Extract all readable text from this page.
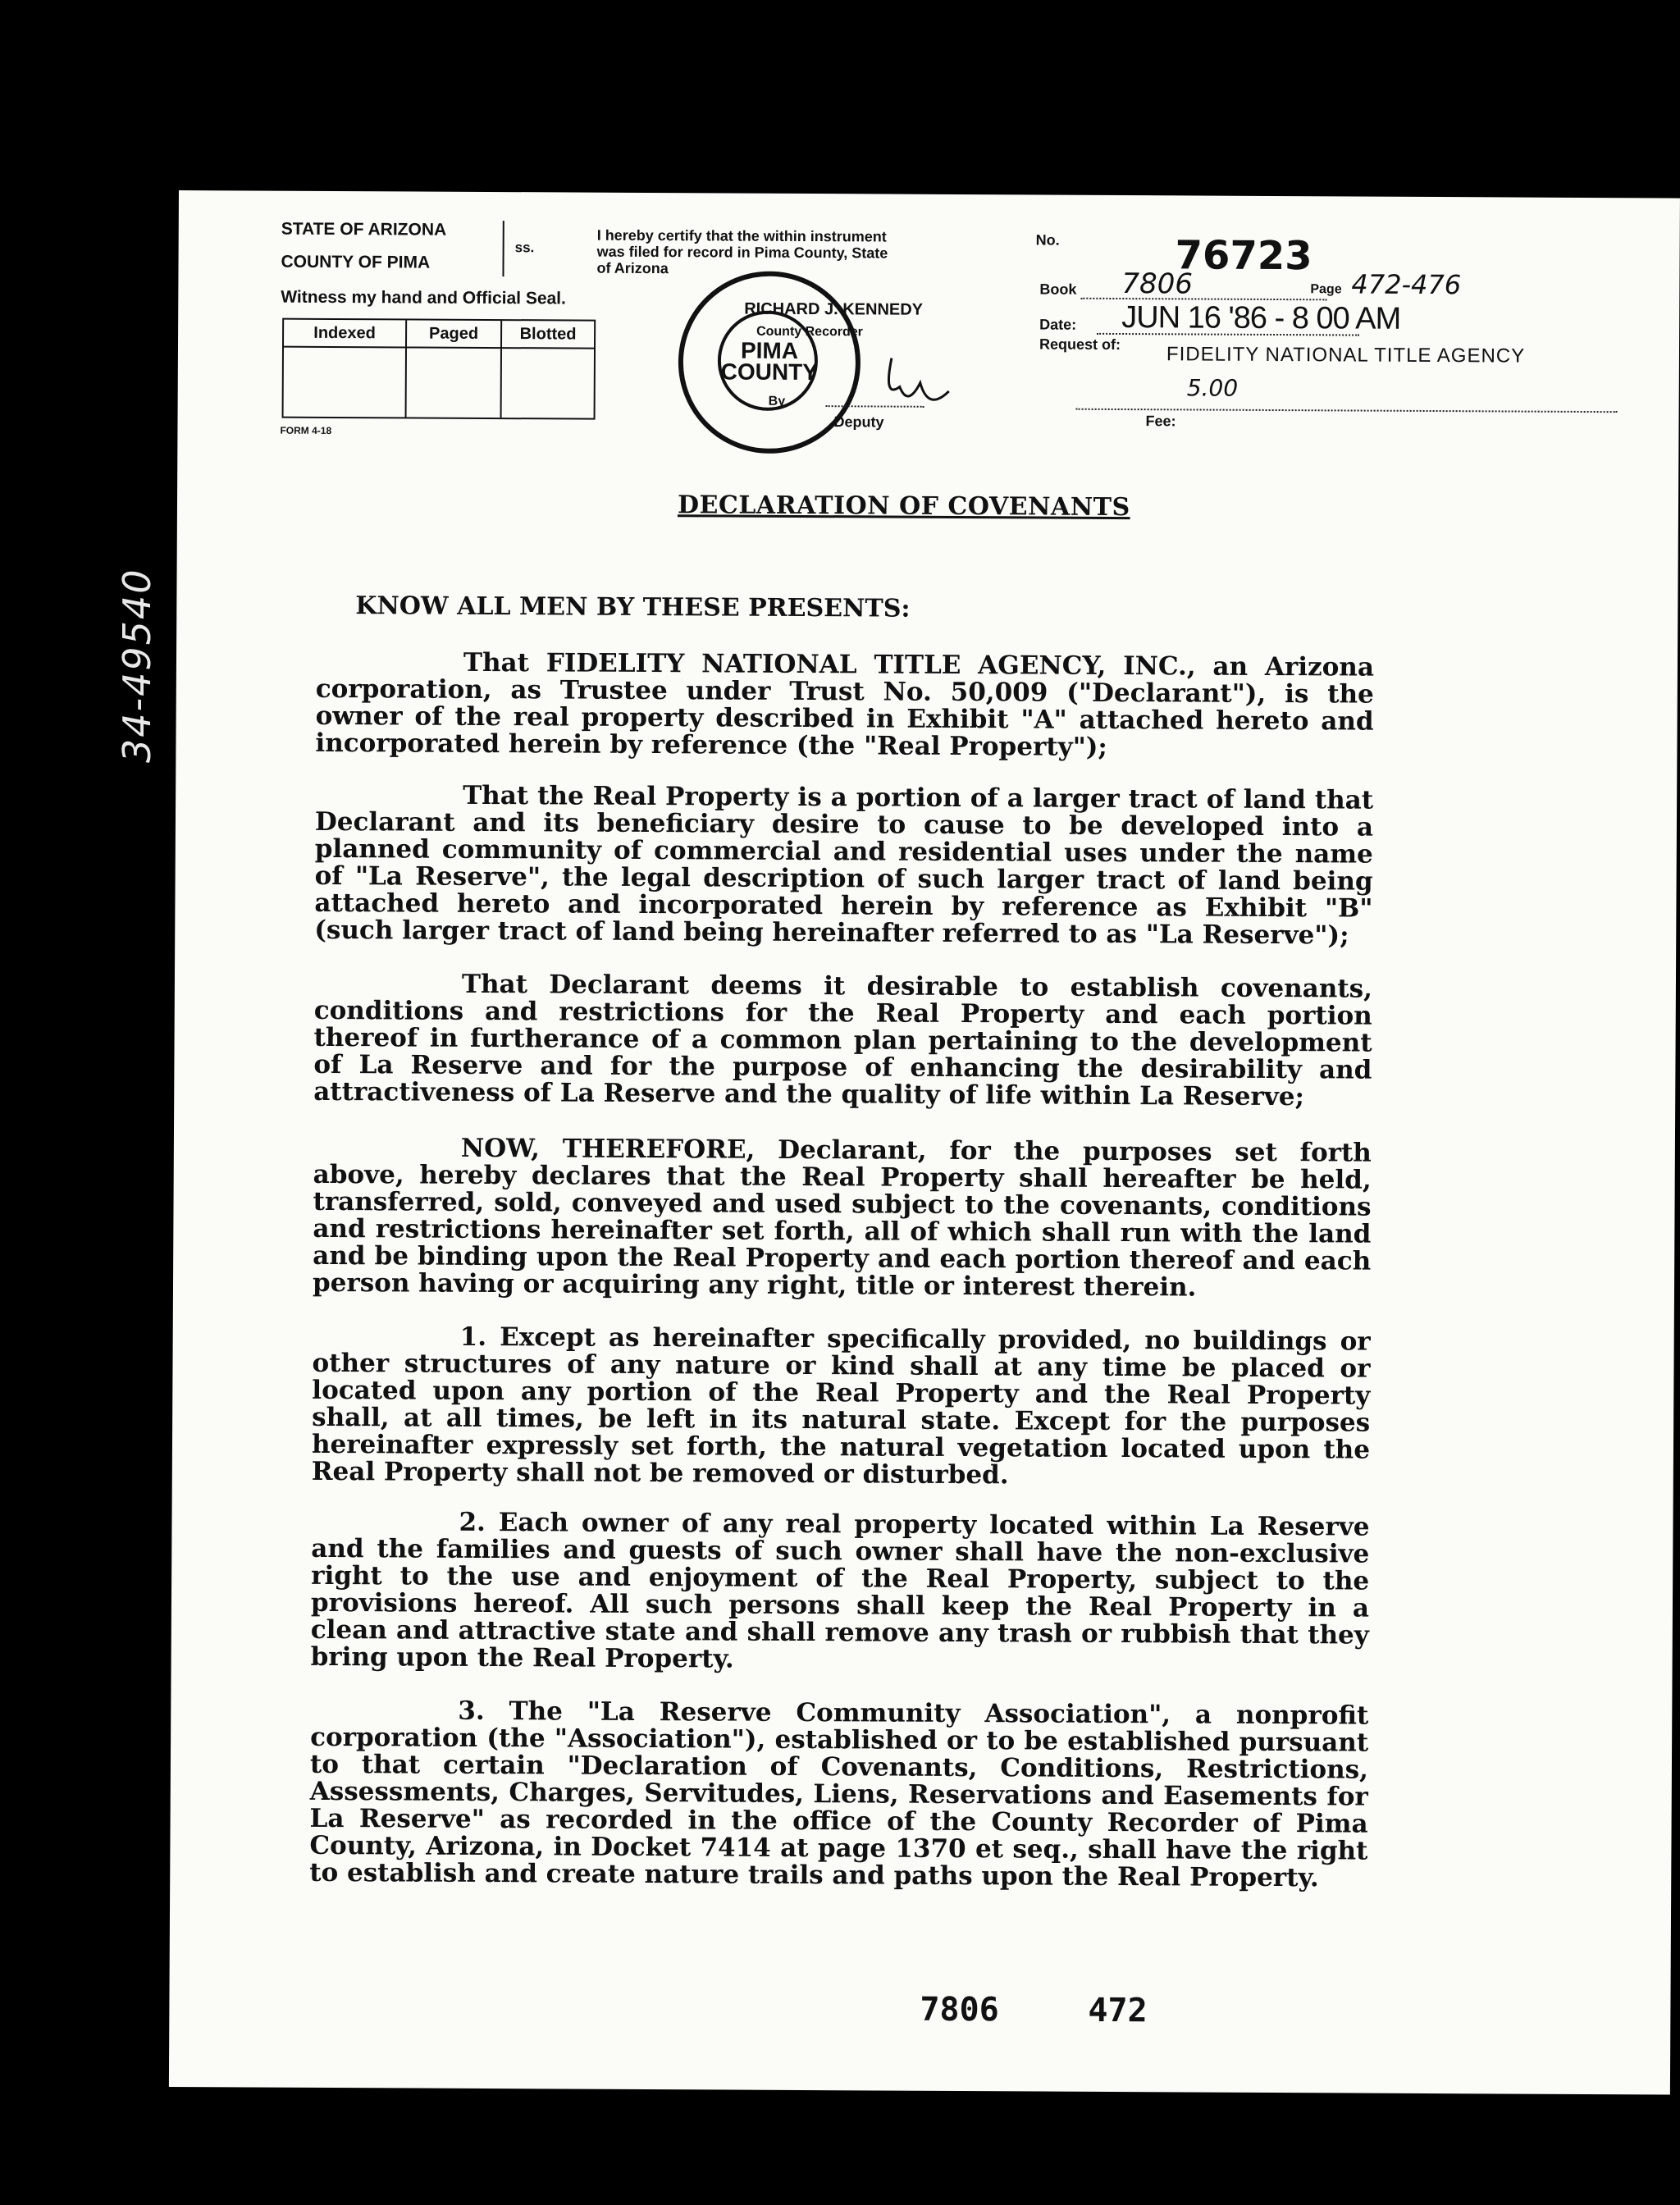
34-49540
STATE OF ARIZONA
COUNTY OF PIMA
ss.
Witness my hand and Official Seal.
Indexed	Paged	Blotted
FORM 4-18
I hereby certify that the within instrument was filed for record in Pima County, State of Arizona
PIMA
COUNTY
RICHARD J. KENNEDY
County Recorder
By
Deputy
No.	76723
Book 7806	Page 472-476
Date: JUN 16 '86 - 8 00 AM
Request of: FIDELITY NATIONAL TITLE AGENCY
5.00
Fee:
DECLARATION OF COVENANTS
KNOW ALL MEN BY THESE PRESENTS:

That FIDELITY NATIONAL TITLE AGENCY, INC., an Arizona corporation, as Trustee under Trust No. 50,009 ("Declarant"), is the owner of the real property described in Exhibit "A" attached hereto and incorporated herein by reference (the "Real Property");

That the Real Property is a portion of a larger tract of land that Declarant and its beneficiary desire to cause to be developed into a planned community of commercial and residential uses under the name of "La Reserve", the legal description of such larger tract of land being attached hereto and incorporated herein by reference as Exhibit "B" (such larger tract of land being hereinafter referred to as "La Reserve");

That Declarant deems it desirable to establish covenants, conditions and restrictions for the Real Property and each portion thereof in furtherance of a common plan pertaining to the development of La Reserve and for the purpose of enhancing the desirability and attractiveness of La Reserve and the quality of life within La Reserve;

NOW, THEREFORE, Declarant, for the purposes set forth above, hereby declares that the Real Property shall hereafter be held, transferred, sold, conveyed and used subject to the covenants, conditions and restrictions hereinafter set forth, all of which shall run with the land and be binding upon the Real Property and each portion thereof and each person having or acquiring any right, title or interest therein.

1. Except as hereinafter specifically provided, no buildings or other structures of any nature or kind shall at any time be placed or located upon any portion of the Real Property and the Real Property shall, at all times, be left in its natural state. Except for the purposes hereinafter expressly set forth, the natural vegetation located upon the Real Property shall not be removed or disturbed.

2. Each owner of any real property located within La Reserve and the families and guests of such owner shall have the non-exclusive right to the use and enjoyment of the Real Property, subject to the provisions hereof. All such persons shall keep the Real Property in a clean and attractive state and shall remove any trash or rubbish that they bring upon the Real Property.

3. The "La Reserve Community Association", a nonprofit corporation (the "Association"), established or to be established pursuant to that certain "Declaration of Covenants, Conditions, Restrictions, Assessments, Charges, Servitudes, Liens, Reservations and Easements for La Reserve" as recorded in the office of the County Recorder of Pima County, Arizona, in Docket 7414 at page 1370 et seq., shall have the right to establish and create nature trails and paths upon the Real Property.

7806	472
